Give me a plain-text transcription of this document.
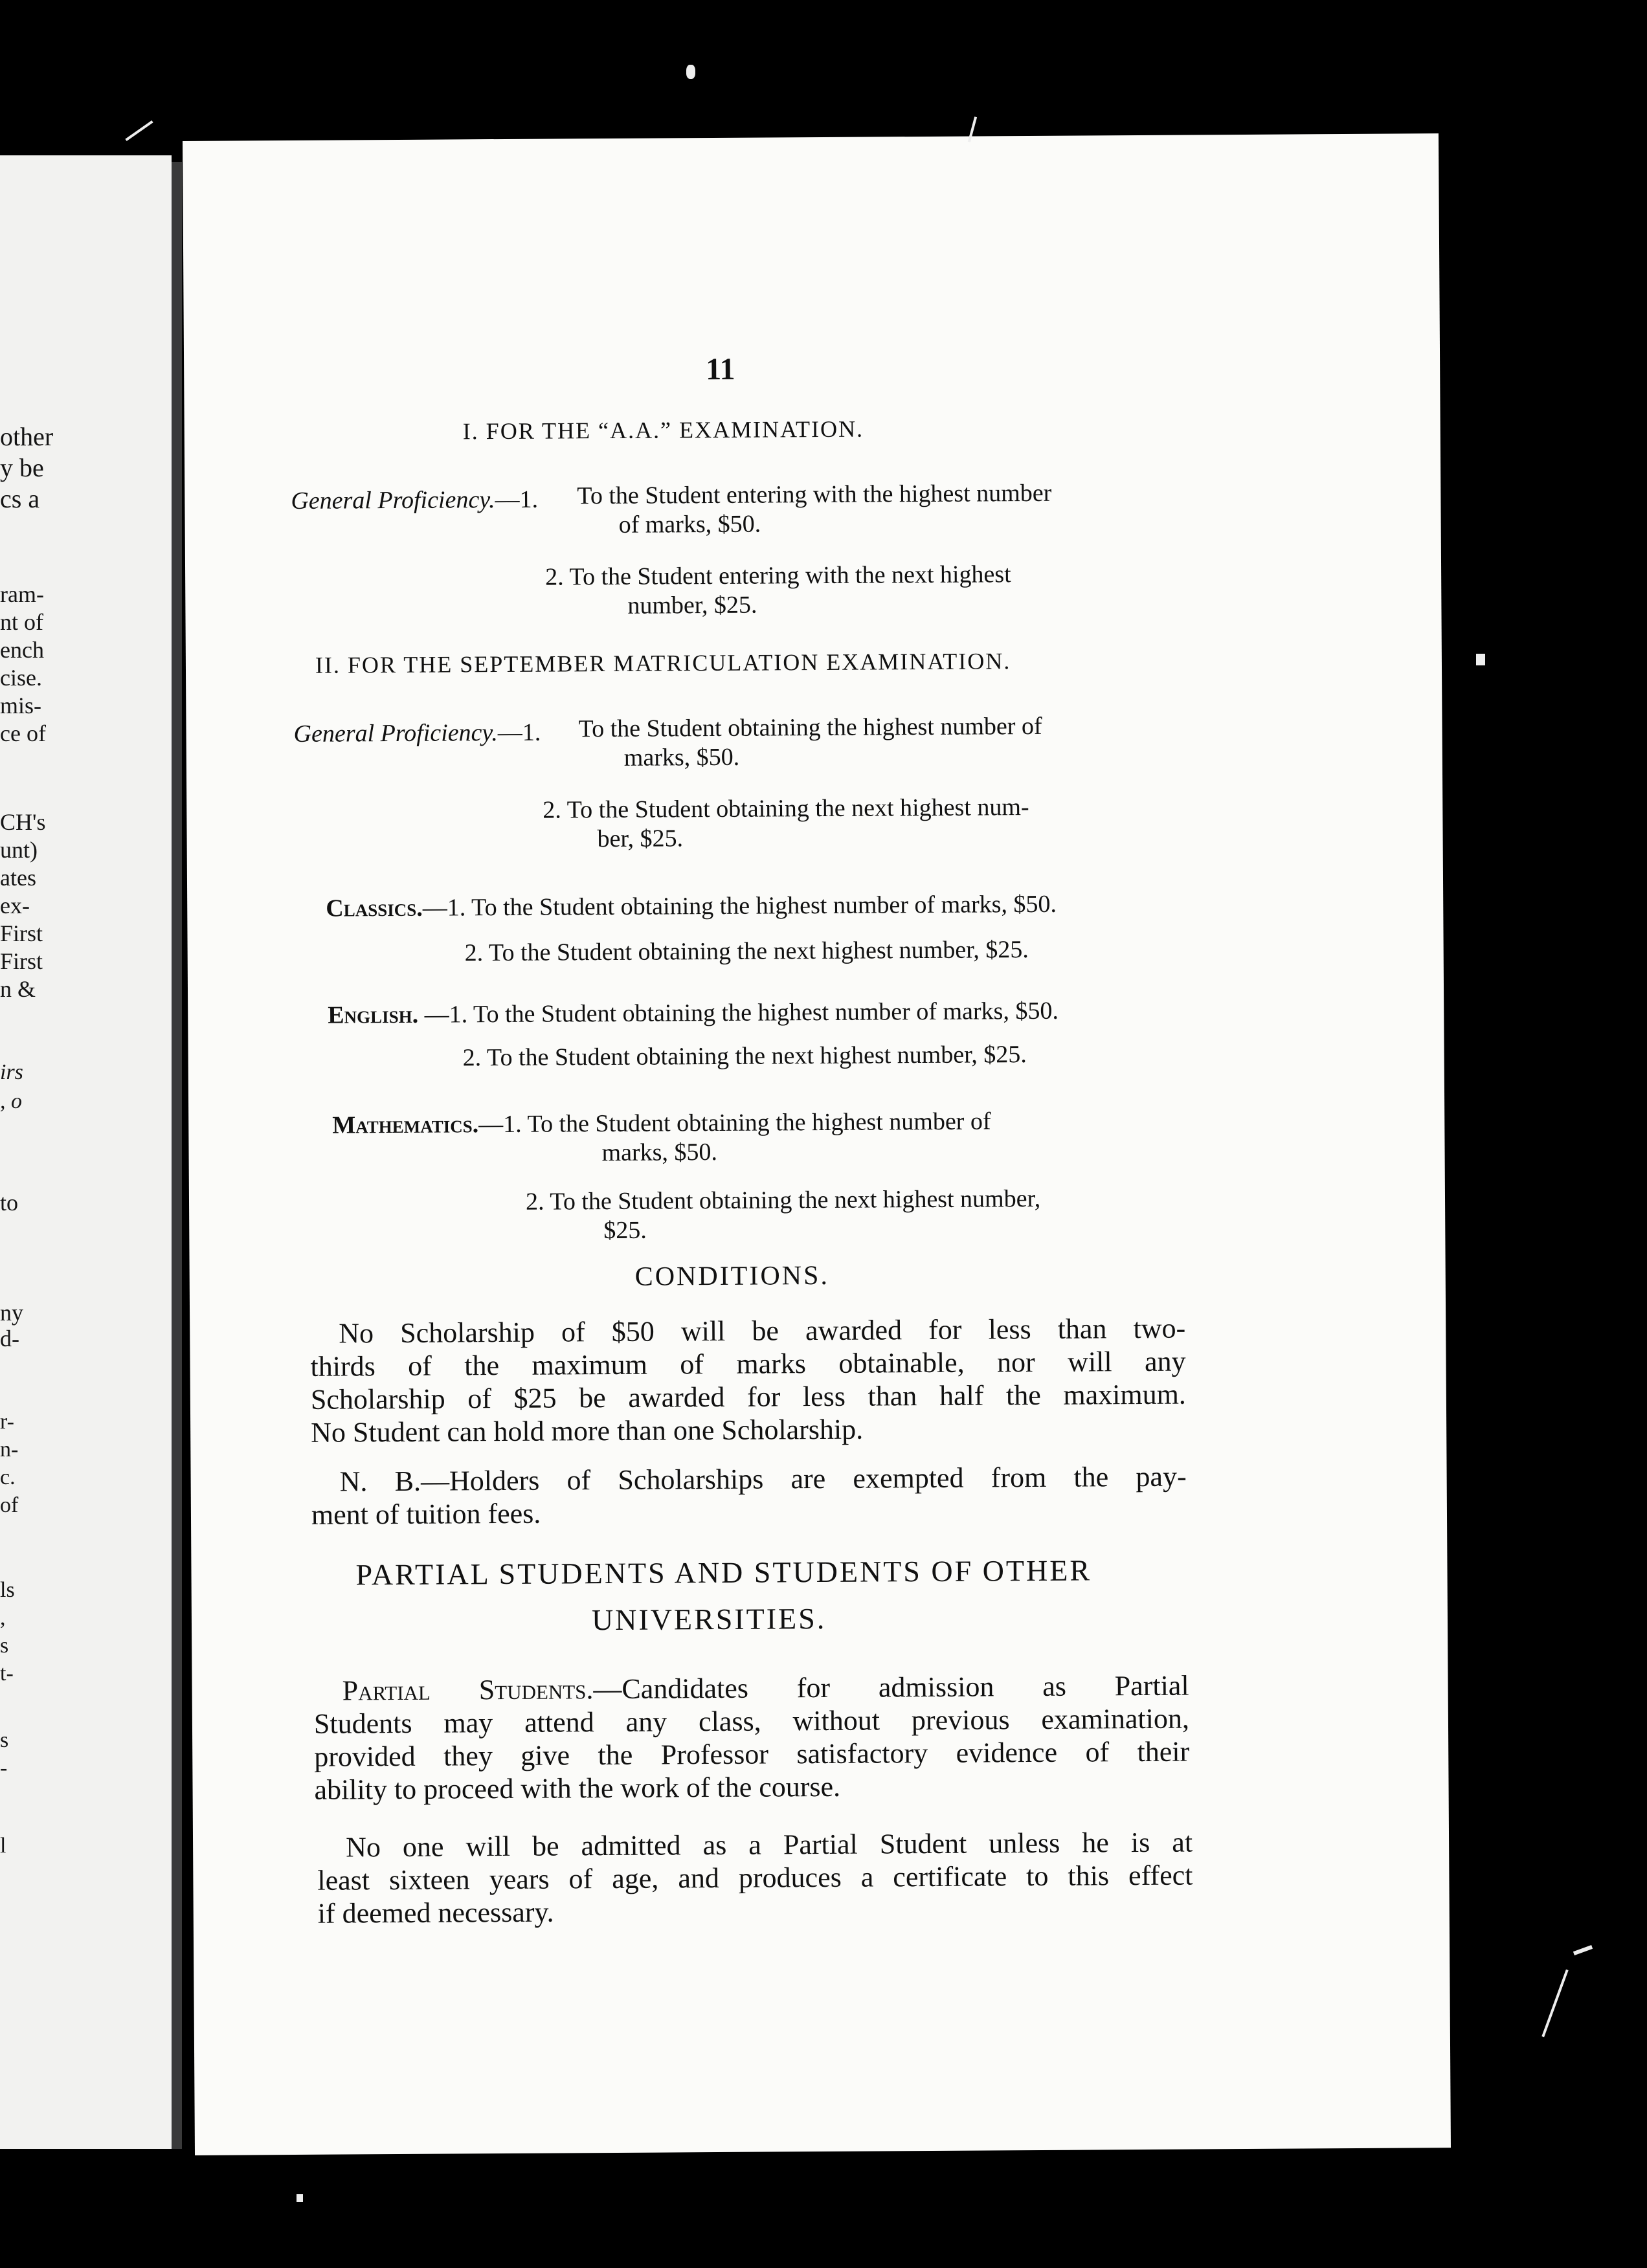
other
y be
cs a
ram-
nt of
ench
cise.
mis-
ce of
CH's
unt)
ates
ex-
First
First
n &
irs
, o
to
ny
d-
r-
n-
c.
of
ls
,
s
t-
s
-
l
11
I. FOR THE “A.A.” EXAMINATION.
General Proficiency.—1. To the Student entering with the highest number
of marks, $50.
2. To the Student entering with the next highest
number, $25.
II. FOR THE SEPTEMBER MATRICULATION EXAMINATION.
General Proficiency.—1. To the Student obtaining the highest number of
marks, $50.
2. To the Student obtaining the next highest num-
ber, $25.
Classics.—1. To the Student obtaining the highest number of marks, $50.
2. To the Student obtaining the next highest number, $25.
English. —1. To the Student obtaining the highest number of marks, $50.
2. To the Student obtaining the next highest number, $25.
Mathematics.—1. To the Student obtaining the highest number of
marks, $50.
2. To the Student obtaining the next highest number,
$25.
CONDITIONS.
No Scholarship of $50 will be awarded for less than two-
thirds of the maximum of marks obtainable, nor will any
Scholarship of $25 be awarded for less than half the maximum.
No Student can hold more than one Scholarship.
N. B.—Holders of Scholarships are exempted from the pay-
ment of tuition fees.
PARTIAL STUDENTS AND STUDENTS OF OTHER
UNIVERSITIES.
Partial Students.—Candidates for admission as Partial
Students may attend any class, without previous examination,
provided they give the Professor satisfactory evidence of their
ability to proceed with the work of the course.
No one will be admitted as a Partial Student unless he is at
least sixteen years of age, and produces a certificate to this effect
if deemed necessary.
